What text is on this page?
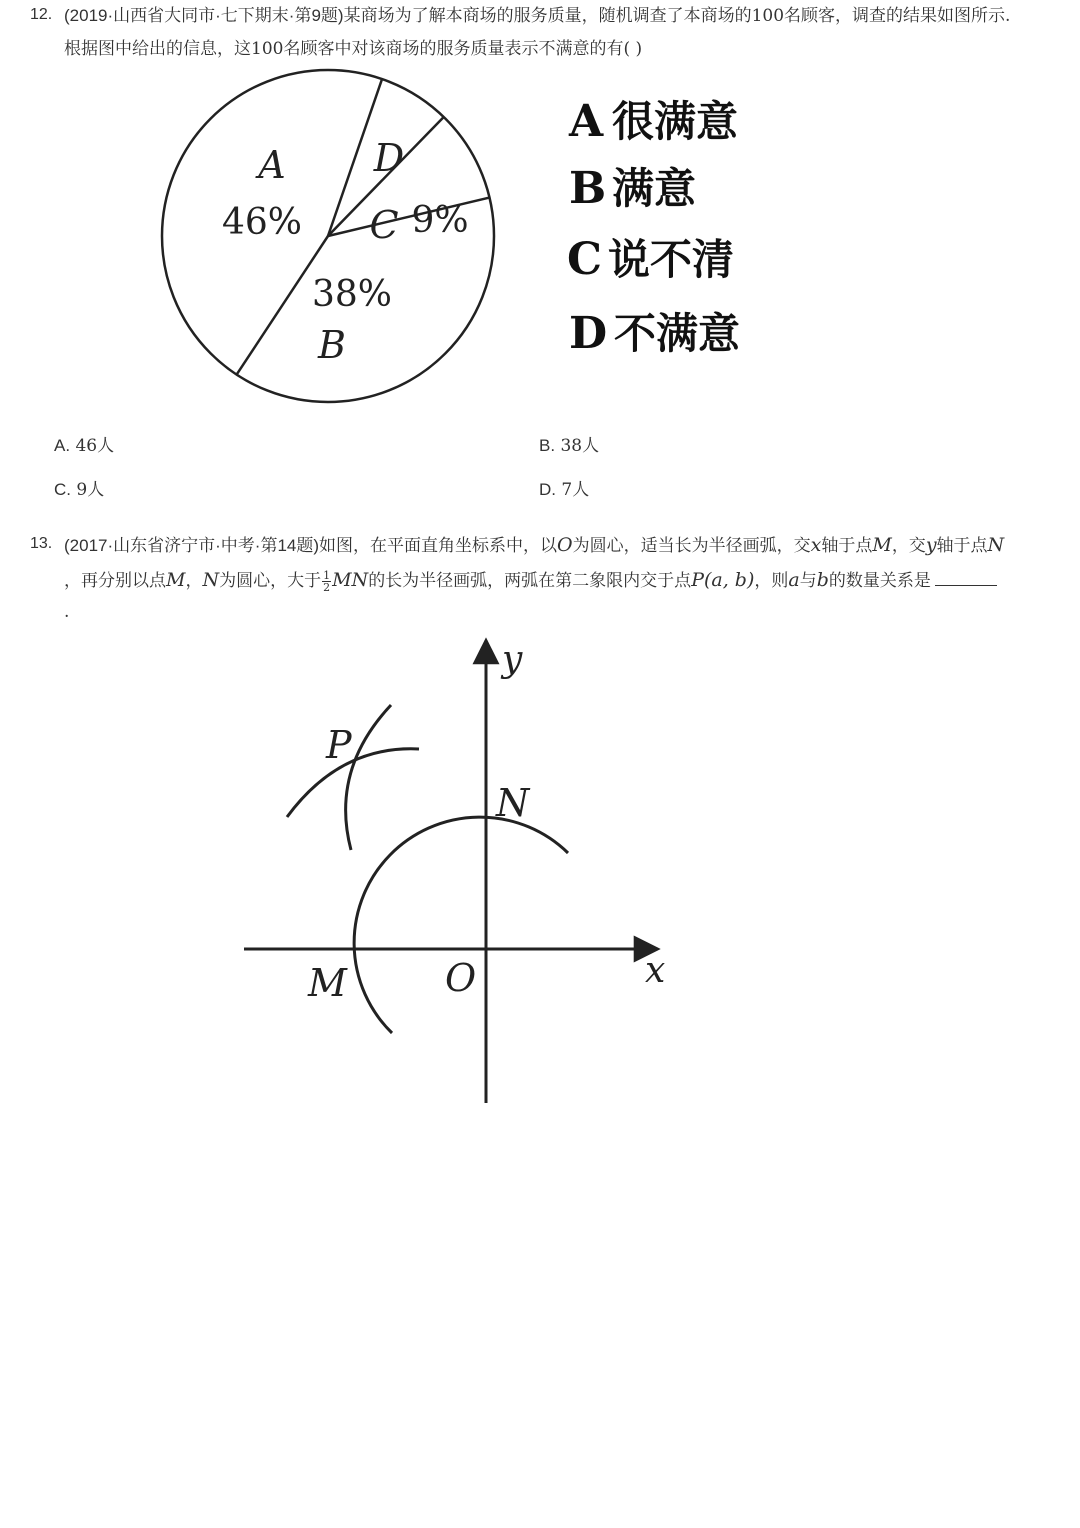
12. (2019·山西省大同市·七下期末·第9题)某商场为了解本商场的服务质量，随机调查了本商场的100名顾客，调查的结果如图所示.
根据图中给出的信息，这100名顾客中对该商场的服务质量表示不满意的有( )
A
46%
D
C 9%
38%
B
A 很满意
B 满意
C 说不清
D 不满意
A. 46人	B. 38人
C. 9人	D. 7人
13. (2017·山东省济宁市·中考·第14题)如图，在平面直角坐标系中，以O为圆心，适当长为半径画弧，交x轴于点M，交y轴于点N
，再分别以点M，N为圆心，大于 $\frac{1}{2}$ MN的长为半径画弧，两弧在第二象限内交于点P(a, b)，则a与b的数量关系是
.
y
x
P
N
M	O
